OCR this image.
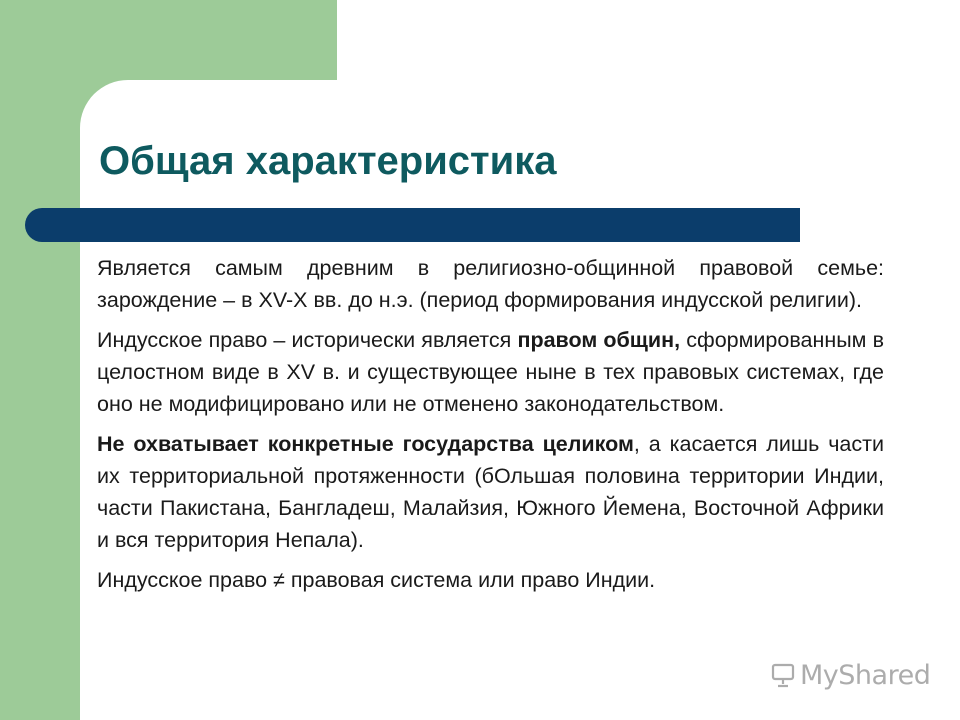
Общая характеристика

Является самым древним в религиозно-общинной правовой семье: зарождение – в XV-X вв. до н.э. (период формирования индусской религии).

Индусское право – исторически является правом общин, сформированным в целостном виде в XV в. и существующее ныне в тех правовых системах, где оно не модифицировано или не отменено законодательством.

Не охватывает конкретные государства целиком, а касается лишь части их территориальной протяженности (бОльшая половина территории Индии, части Пакистана, Бангладеш, Малайзия, Южного Йемена, Восточной Африки и вся территория Непала).

Индусское право ≠ правовая система или право Индии.

MyShared
